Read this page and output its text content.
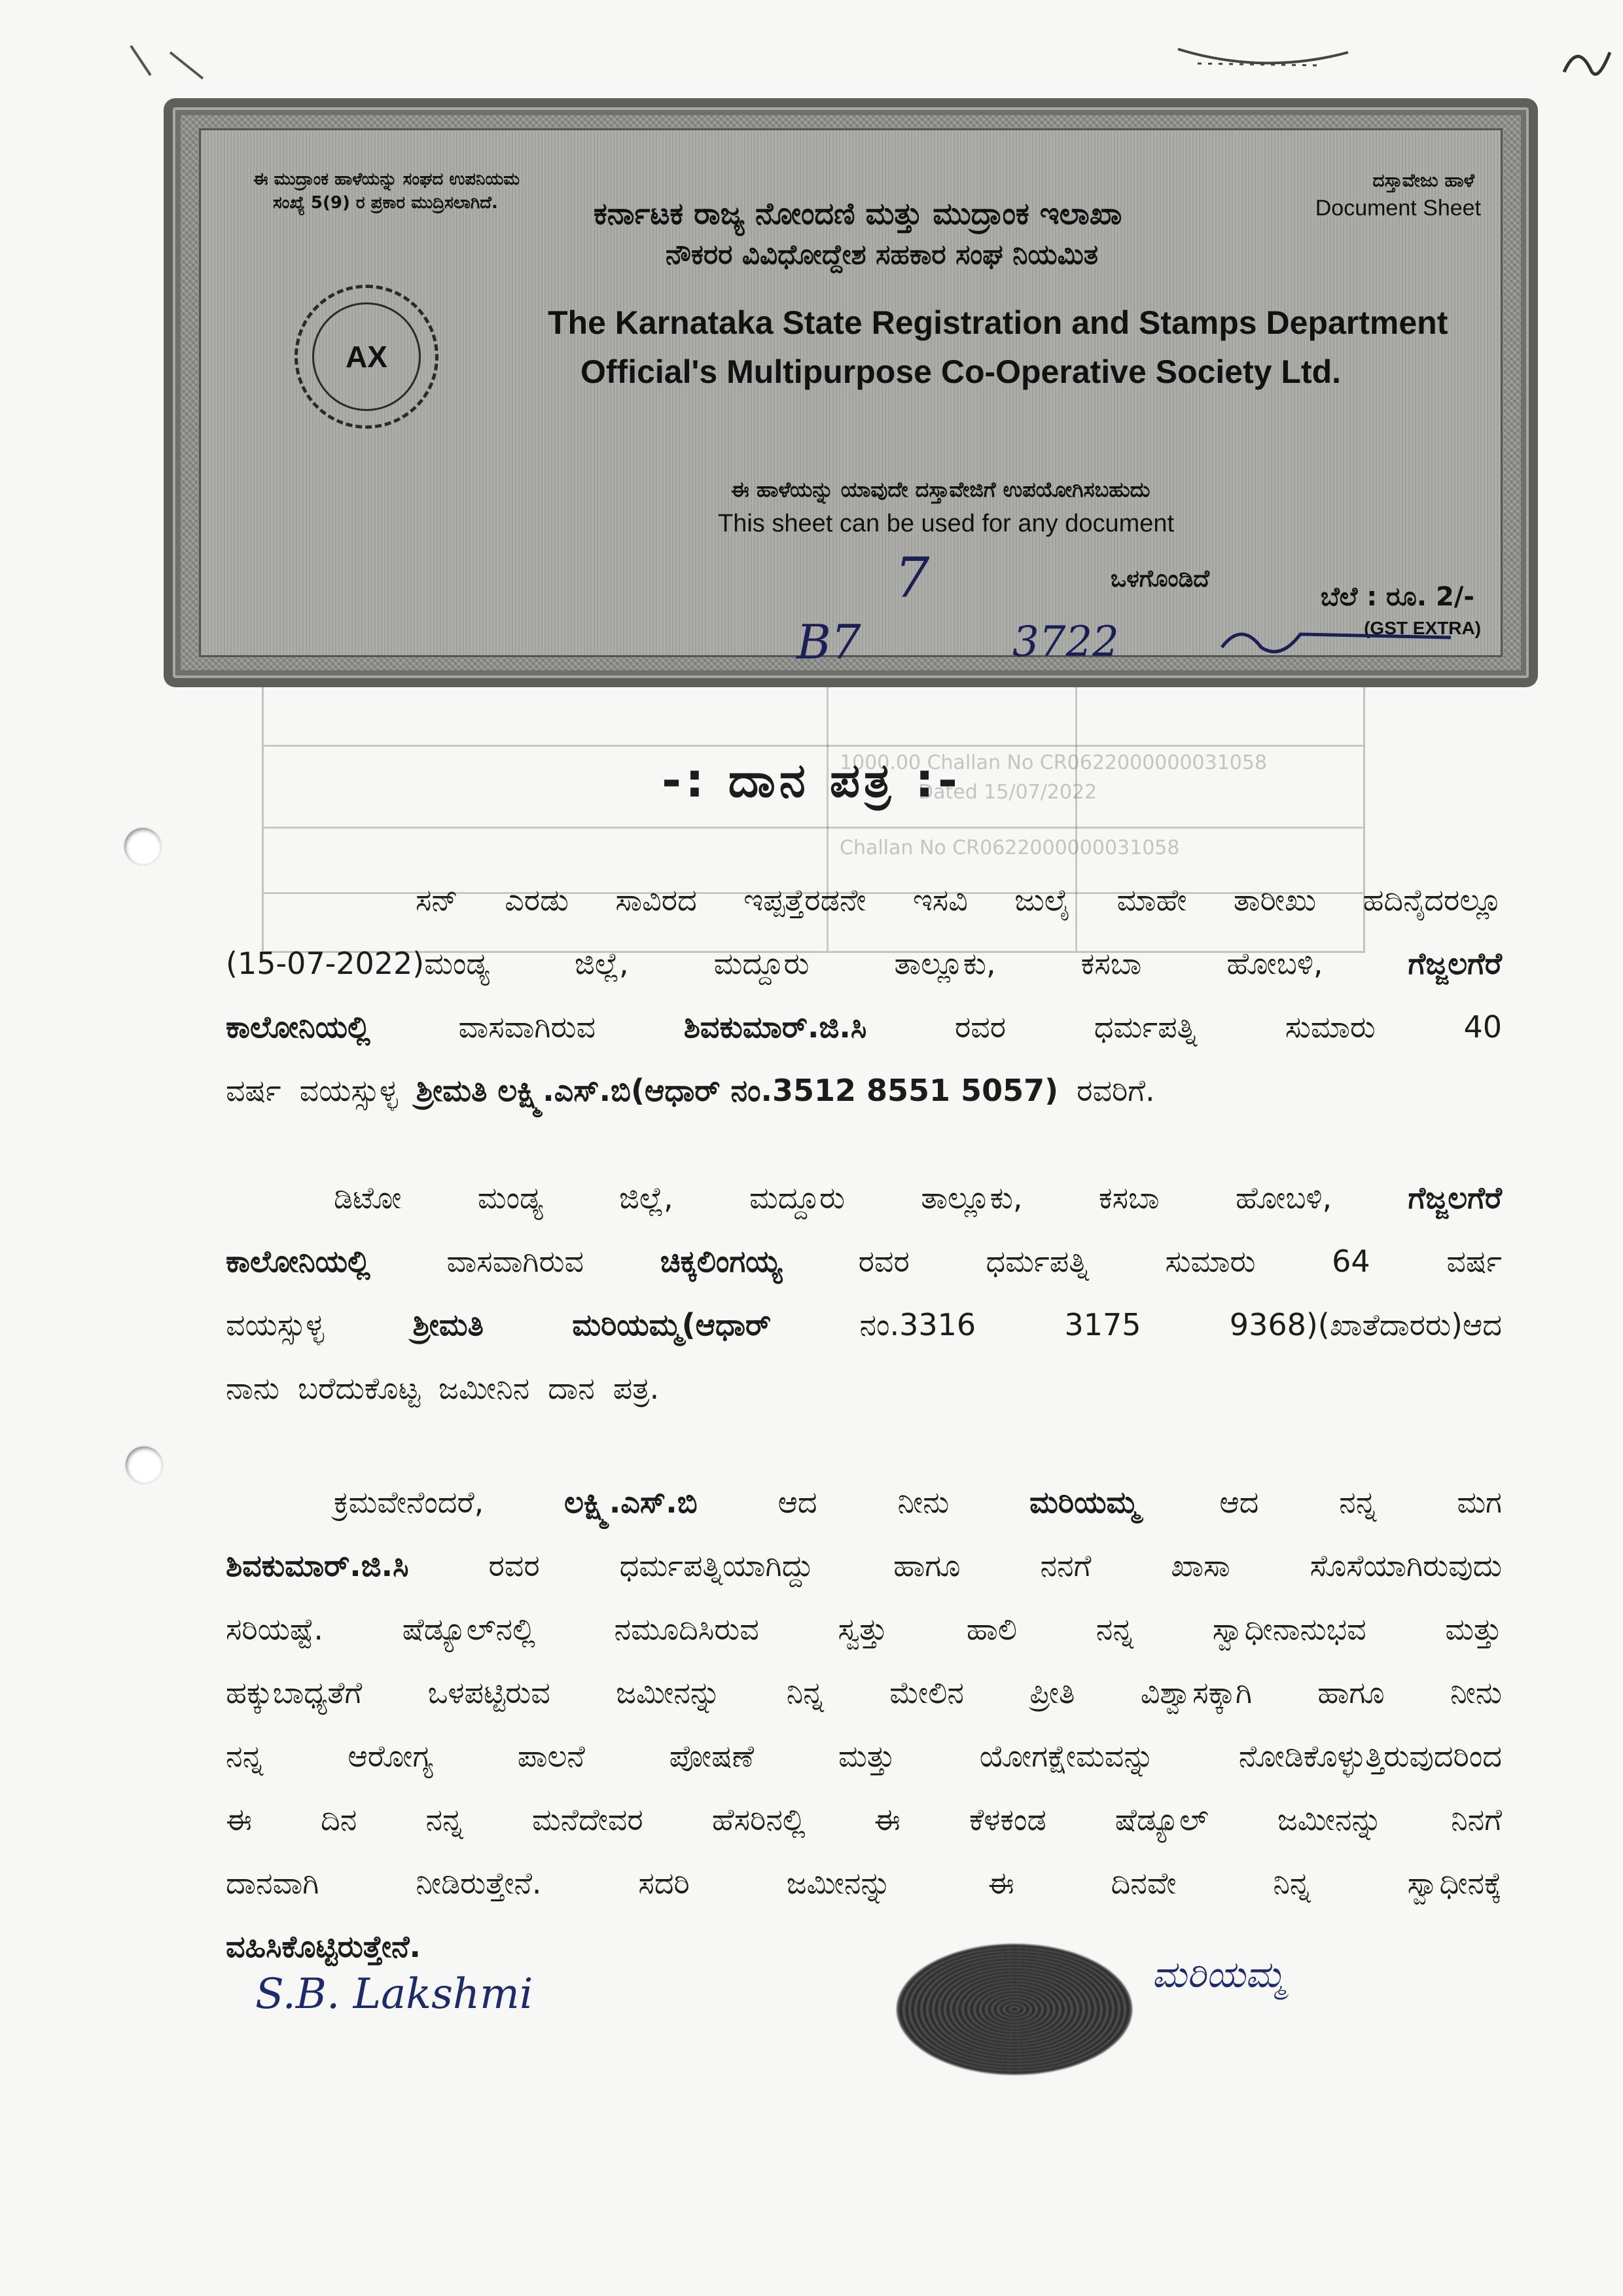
1000.00 Challan No CR0622000000031058
Dated 15/07/2022
Challan No CR0622000000031058
ಈ ಮುದ್ರಾಂಕ ಹಾಳೆಯನ್ನು ಸಂಘದ ಉಪನಿಯಮ
ಸಂಖ್ಯೆ 5(9) ರ ಪ್ರಕಾರ ಮುದ್ರಿಸಲಾಗಿದೆ.
ದಸ್ತಾವೇಜು ಹಾಳೆ
Document Sheet
ಕರ್ನಾಟಕ ರಾಜ್ಯ ನೋಂದಣಿ ಮತ್ತು ಮುದ್ರಾಂಕ ಇಲಾಖಾ
ನೌಕರರ ವಿವಿಧೋದ್ದೇಶ ಸಹಕಾರ ಸಂಘ ನಿಯಮಿತ
The Karnataka State Registration and Stamps Department
Official's Multipurpose Co-Operative Society Ltd.
ಈ ಹಾಳೆಯನ್ನು ಯಾವುದೇ ದಸ್ತಾವೇಜಿಗೆ ಉಪಯೋಗಿಸಬಹುದು
This sheet can be used for any document
ಒಳಗೊಂಡಿದೆ
ಬೆಲೆ : ರೂ. 2/-
(GST EXTRA)
7
B7	3722
AX
-: ದಾನ ಪತ್ರ :-
ಸನ್ ಎರಡು ಸಾವಿರದ ಇಪ್ಪತ್ತೆರಡನೇ ಇಸವಿ ಜುಲೈ ಮಾಹೇ ತಾರೀಖು ಹದಿನೈದರಲ್ಲೂ
(15-07-2022)ಮಂಡ್ಯ	ಜಿಲ್ಲೆ,	ಮದ್ದೂರು	ತಾಲ್ಲೂಕು,	ಕಸಬಾ	ಹೋಬಳಿ,	ಗೆಜ್ಜಲಗೆರೆ
ಕಾಲೋನಿಯಲ್ಲಿ	ವಾಸವಾಗಿರುವ	ಶಿವಕುಮಾರ್.ಜಿ.ಸಿ	ರವರ	ಧರ್ಮಪತ್ನಿ	ಸುಮಾರು	40
ವರ್ಷ ವಯಸ್ಸುಳ್ಳ ಶ್ರೀಮತಿ ಲಕ್ಷ್ಮಿ.ಎಸ್.ಬಿ(ಆಧಾರ್ ನಂ.3512 8551 5057) ರವರಿಗೆ.
ಡಿಟೋ	ಮಂಡ್ಯ	ಜಿಲ್ಲೆ,	ಮದ್ದೂರು	ತಾಲ್ಲೂಕು,	ಕಸಬಾ	ಹೋಬಳಿ,	ಗೆಜ್ಜಲಗೆರೆ
ಕಾಲೋನಿಯಲ್ಲಿ	ವಾಸವಾಗಿರುವ	ಚಿಕ್ಕಲಿಂಗಯ್ಯ	ರವರ	ಧರ್ಮಪತ್ನಿ	ಸುಮಾರು	64	ವರ್ಷ
ವಯಸ್ಸುಳ್ಳ	ಶ್ರೀಮತಿ	ಮರಿಯಮ್ಮ(ಆಧಾರ್	ನಂ.3316	3175	9368)(ಖಾತೆದಾರರು)ಆದ
ನಾನು ಬರೆದುಕೊಟ್ಟ ಜಮೀನಿನ ದಾನ ಪತ್ರ.
ಕ್ರಮವೇನೆಂದರೆ,	ಲಕ್ಷ್ಮಿ.ಎಸ್.ಬಿ	ಆದ	ನೀನು	ಮರಿಯಮ್ಮ	ಆದ	ನನ್ನ	ಮಗ
ಶಿವಕುಮಾರ್.ಜಿ.ಸಿ	ರವರ	ಧರ್ಮಪತ್ನಿಯಾಗಿದ್ದು	ಹಾಗೂ	ನನಗೆ	ಖಾಸಾ	ಸೊಸೆಯಾಗಿರುವುದು
ಸರಿಯಷ್ಟೆ.	ಷೆಡ್ಯೂಲ್‌ನಲ್ಲಿ	ನಮೂದಿಸಿರುವ	ಸ್ವತ್ತು	ಹಾಲಿ	ನನ್ನ	ಸ್ವಾಧೀನಾನುಭವ	ಮತ್ತು
ಹಕ್ಕುಬಾಧ್ಯತೆಗೆ ಒಳಪಟ್ಟಿರುವ ಜಮೀನನ್ನು ನಿನ್ನ ಮೇಲಿನ ಪ್ರೀತಿ ವಿಶ್ವಾಸಕ್ಕಾಗಿ ಹಾಗೂ ನೀನು
ನನ್ನ	ಆರೋಗ್ಯ	ಪಾಲನೆ	ಪೋಷಣೆ	ಮತ್ತು	ಯೋಗಕ್ಷೇಮವನ್ನು	ನೋಡಿಕೊಳ್ಳುತ್ತಿರುವುದರಿಂದ
ಈ ದಿನ ನನ್ನ ಮನೆದೇವರ ಹೆಸರಿನಲ್ಲಿ ಈ ಕೆಳಕಂಡ ಷೆಡ್ಯೂಲ್ ಜಮೀನನ್ನು ನಿನಗೆ
ದಾನವಾಗಿ	ನೀಡಿರುತ್ತೇನೆ.	ಸದರಿ	ಜಮೀನನ್ನು	ಈ	ದಿನವೇ	ನಿನ್ನ	ಸ್ವಾಧೀನಕ್ಕೆ
ವಹಿಸಿಕೊಟ್ಟಿರುತ್ತೇನೆ.
S.B. Lakshmi	ಮರಿಯಮ್ಮ
